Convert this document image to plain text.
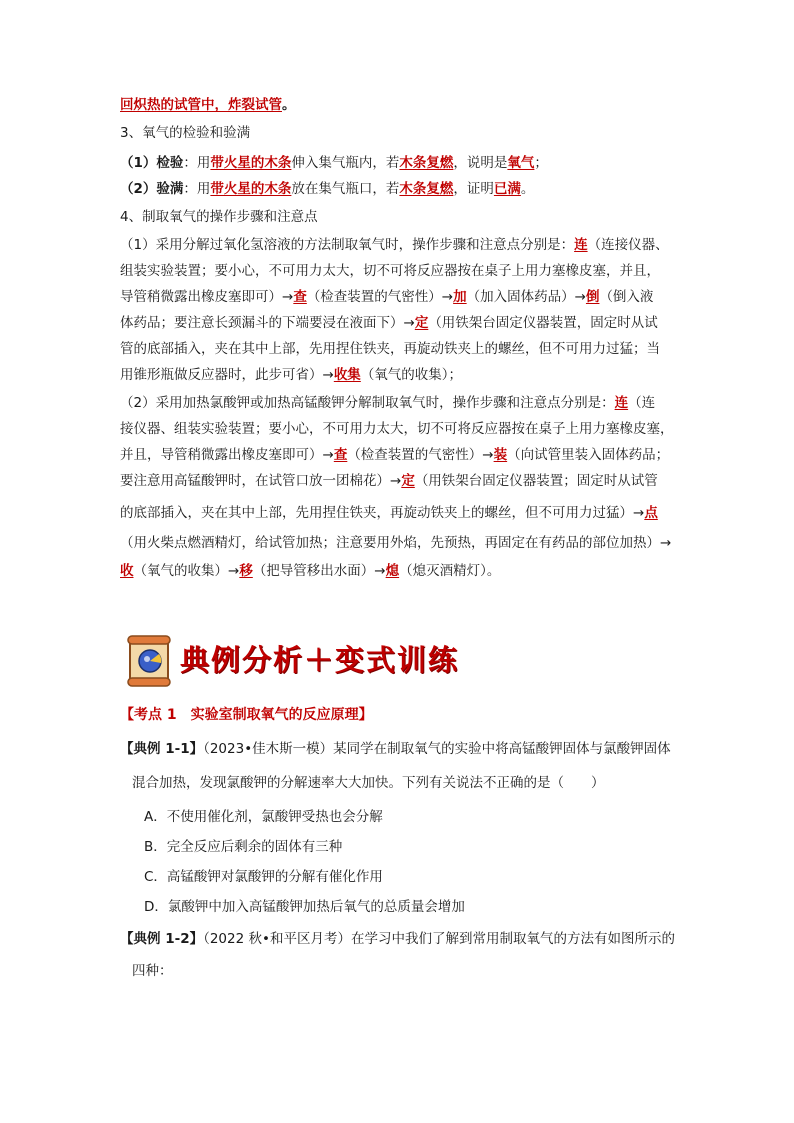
回炽热的试管中，炸裂试管。
3、氧气的检验和验满
（1）检验：用带火星的木条伸入集气瓶内，若木条复燃，说明是氧气；
（2）验满：用带火星的木条放在集气瓶口，若木条复燃，证明已满。
4、制取氧气的操作步骤和注意点
（1）采用分解过氧化氢溶液的方法制取氧气时，操作步骤和注意点分别是：连（连接仪器、
组装实验装置；要小心，不可用力太大，切不可将反应器按在桌子上用力塞橡皮塞，并且，
导管稍微露出橡皮塞即可）→查（检查装置的气密性）→加（加入固体药品）→倒（倒入液
体药品；要注意长颈漏斗的下端要浸在液面下）→定（用铁架台固定仪器装置，固定时从试
管的底部插入，夹在其中上部，先用捏住铁夹，再旋动铁夹上的螺丝，但不可用力过猛；当
用锥形瓶做反应器时，此步可省）→收集（氧气的收集）；
（2）采用加热氯酸钾或加热高锰酸钾分解制取氧气时，操作步骤和注意点分别是：连（连
接仪器、组装实验装置；要小心，不可用力太大，切不可将反应器按在桌子上用力塞橡皮塞，
并且，导管稍微露出橡皮塞即可）→查（检查装置的气密性）→装（向试管里装入固体药品；
要注意用高锰酸钾时，在试管口放一团棉花）→定（用铁架台固定仪器装置；固定时从试管
的底部插入，夹在其中上部，先用捏住铁夹，再旋动铁夹上的螺丝，但不可用力过猛）→点
（用火柴点燃酒精灯，给试管加热；注意要用外焰，先预热，再固定在有药品的部位加热）→
收（氧气的收集）→移（把导管移出水面）→熄（熄灭酒精灯）。
典例分析＋变式训练
【考点 1　实验室制取氧气的反应原理】
【典例 1-1】（2023•佳木斯一模）某同学在制取氧气的实验中将高锰酸钾固体与氯酸钾固体
混合加热，发现氯酸钾的分解速率大大加快。下列有关说法不正确的是（　　）
A．不使用催化剂，氯酸钾受热也会分解
B．完全反应后剩余的固体有三种
C．高锰酸钾对氯酸钾的分解有催化作用
D．氯酸钾中加入高锰酸钾加热后氧气的总质量会增加
【典例 1-2】（2022 秋•和平区月考）在学习中我们了解到常用制取氧气的方法有如图所示的
四种：
